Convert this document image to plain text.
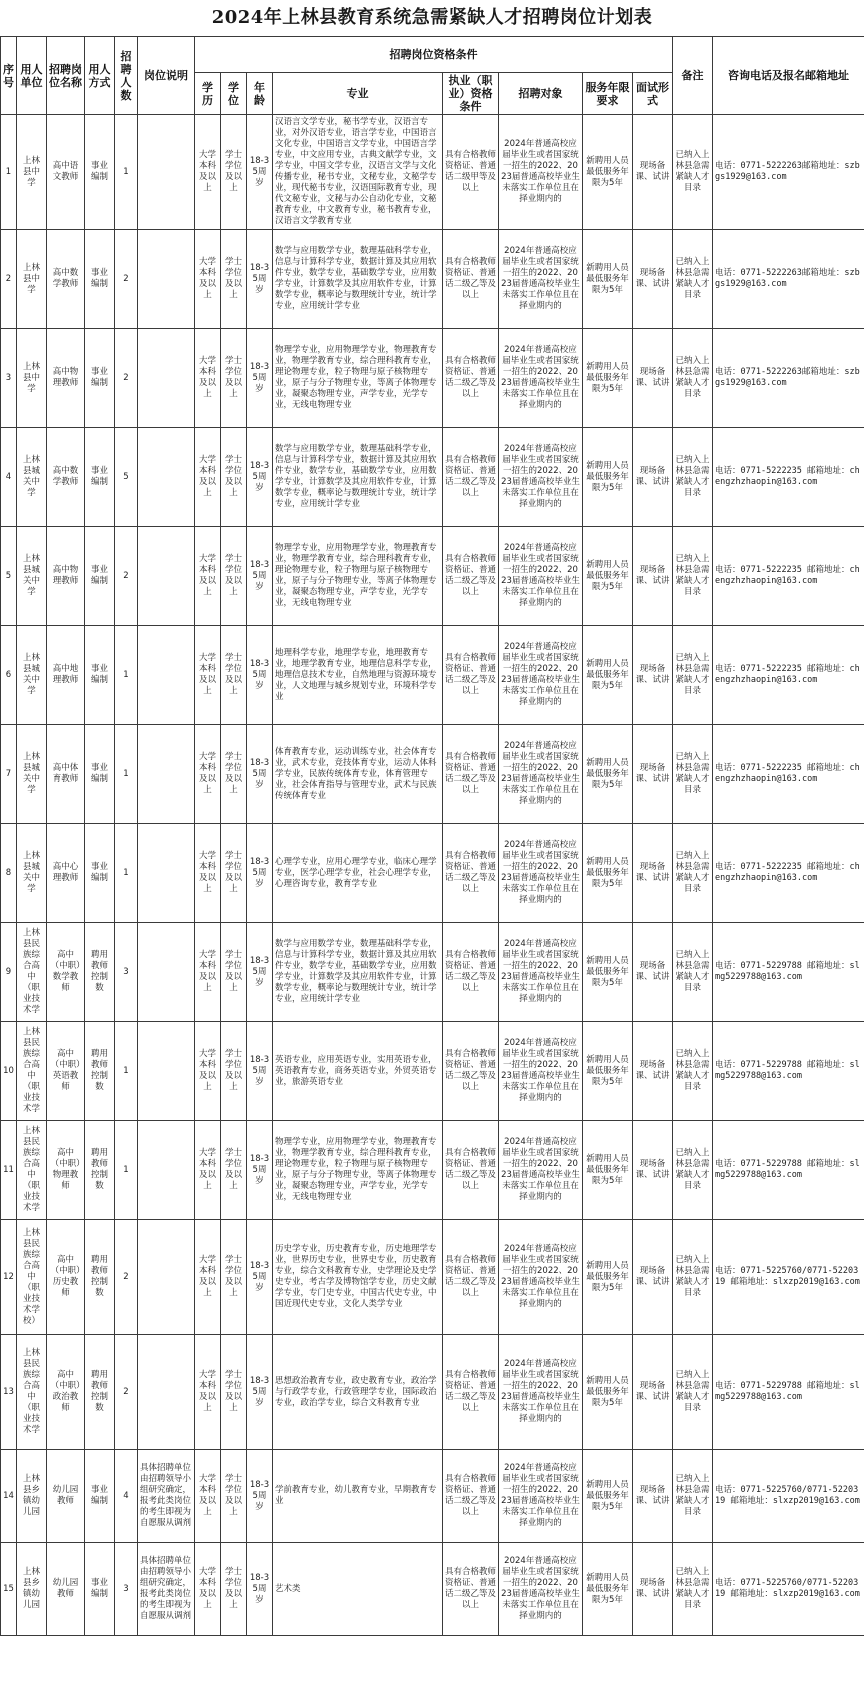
2024年上林县教育系统急需紧缺人才招聘岗位计划表
序号	用人单位	招聘岗位名称	用人方式	招聘人数	岗位说明	招聘岗位资格条件								备注	咨询电话及报名邮箱地址
						学历	学位	年龄	专业	执业（职业）资格条件	招聘对象	服务年限要求	面试形式		
1	上林县中学	高中语文教师	事业编制	1		大学本科及以上	学士学位及以上	18-35周岁	汉语言文学专业，秘书学专业，汉语言专业，对外汉语专业，语言学专业，中国语言文化专业，中国语言文学专业，中国语言学专业，中文应用专业，古典文献学专业，文学专业，中国文学专业，汉语言文学与文化传播专业，秘书专业，文秘专业，文秘学专业，现代秘书专业，汉语国际教育专业，现代文秘专业，文秘与办公自动化专业，文秘教育专业，中文教育专业，秘书教育专业，汉语言文学教育专业	具有合格教师资格证、普通话二级甲等及以上	2024年普通高校应届毕业生或者国家统一招生的2022、2023届普通高校毕业生未落实工作单位且在择业期内的	新聘用人员最低服务年限为5年	现场备课、试讲	已纳入上林县急需紧缺人才目录	电话：0771-5222263邮箱地址：szbgs1929@163.com
2	上林县中学	高中数学教师	事业编制	2		大学本科及以上	学士学位及以上	18-35周岁	数学与应用数学专业，数理基础科学专业，信息与计算科学专业，数据计算及其应用软件专业，数学专业，基础数学专业，应用数学专业，计算数学及其应用软件专业，计算数学专业，概率论与数理统计专业，统计学专业，应用统计学专业	具有合格教师资格证、普通话二级乙等及以上	2024年普通高校应届毕业生或者国家统一招生的2022、2023届普通高校毕业生未落实工作单位且在择业期内的	新聘用人员最低服务年限为5年	现场备课、试讲	已纳入上林县急需紧缺人才目录	电话：0771-5222263邮箱地址：szbgs1929@163.com
3	上林县中学	高中物理教师	事业编制	2		大学本科及以上	学士学位及以上	18-35周岁	物理学专业，应用物理学专业，物理教育专业，物理学教育专业，综合理科教育专业，理论物理专业，粒子物理与原子核物理专业，原子与分子物理专业，等离子体物理专业，凝聚态物理专业，声学专业，光学专业，无线电物理专业	具有合格教师资格证、普通话二级乙等及以上	2024年普通高校应届毕业生或者国家统一招生的2022、2023届普通高校毕业生未落实工作单位且在择业期内的	新聘用人员最低服务年限为5年	现场备课、试讲	已纳入上林县急需紧缺人才目录	电话：0771-5222263邮箱地址：szbgs1929@163.com
4	上林县城关中学	高中数学教师	事业编制	5		大学本科及以上	学士学位及以上	18-35周岁	数学与应用数学专业，数理基础科学专业，信息与计算科学专业，数据计算及其应用软件专业，数学专业，基础数学专业，应用数学专业，计算数学及其应用软件专业，计算数学专业，概率论与数理统计专业，统计学专业，应用统计学专业	具有合格教师资格证、普通话二级乙等及以上	2024年普通高校应届毕业生或者国家统一招生的2022、2023届普通高校毕业生未落实工作单位且在择业期内的	新聘用人员最低服务年限为5年	现场备课、试讲	已纳入上林县急需紧缺人才目录	电话：0771-5222235 邮箱地址：chengzhzhaopin@163.com
5	上林县城关中学	高中物理教师	事业编制	2		大学本科及以上	学士学位及以上	18-35周岁	物理学专业，应用物理学专业，物理教育专业，物理学教育专业，综合理科教育专业，理论物理专业，粒子物理与原子核物理专业，原子与分子物理专业，等离子体物理专业，凝聚态物理专业，声学专业，光学专业，无线电物理专业	具有合格教师资格证、普通话二级乙等及以上	2024年普通高校应届毕业生或者国家统一招生的2022、2023届普通高校毕业生未落实工作单位且在择业期内的	新聘用人员最低服务年限为5年	现场备课、试讲	已纳入上林县急需紧缺人才目录	电话：0771-5222235 邮箱地址：chengzhzhaopin@163.com
6	上林县城关中学	高中地理教师	事业编制	1		大学本科及以上	学士学位及以上	18-35周岁	地理科学专业，地理学专业，地理教育专业，地理学教育专业，地理信息科学专业，地理信息技术专业，自然地理与资源环境专业，人文地理与城乡规划专业，环境科学专业	具有合格教师资格证、普通话二级乙等及以上	2024年普通高校应届毕业生或者国家统一招生的2022、2023届普通高校毕业生未落实工作单位且在择业期内的	新聘用人员最低服务年限为5年	现场备课、试讲	已纳入上林县急需紧缺人才目录	电话：0771-5222235 邮箱地址：chengzhzhaopin@163.com
7	上林县城关中学	高中体育教师	事业编制	1		大学本科及以上	学士学位及以上	18-35周岁	体育教育专业，运动训练专业，社会体育专业，武术专业，竞技体育专业，运动人体科学专业，民族传统体育专业，体育管理专业，社会体育指导与管理专业，武术与民族传统体育专业	具有合格教师资格证、普通话二级乙等及以上	2024年普通高校应届毕业生或者国家统一招生的2022、2023届普通高校毕业生未落实工作单位且在择业期内的	新聘用人员最低服务年限为5年	现场备课、试讲	已纳入上林县急需紧缺人才目录	电话：0771-5222235 邮箱地址：chengzhzhaopin@163.com
8	上林县城关中学	高中心理教师	事业编制	1		大学本科及以上	学士学位及以上	18-35周岁	心理学专业，应用心理学专业，临床心理学专业，医学心理学专业，社会心理学专业，心理咨询专业，教育学专业	具有合格教师资格证、普通话二级乙等及以上	2024年普通高校应届毕业生或者国家统一招生的2022、2023届普通高校毕业生未落实工作单位且在择业期内的	新聘用人员最低服务年限为5年	现场备课、试讲	已纳入上林县急需紧缺人才目录	电话：0771-5222235 邮箱地址：chengzhzhaopin@163.com
9	上林县民族综合高中（职业技术学	高中（中职）数学教师	聘用教师控制数	3		大学本科及以上	学士学位及以上	18-35周岁	数学与应用数学专业，数理基础科学专业，信息与计算科学专业，数据计算及其应用软件专业，数学专业，基础数学专业，应用数学专业，计算数学及其应用软件专业，计算数学专业，概率论与数理统计专业，统计学专业，应用统计学专业	具有合格教师资格证、普通话二级乙等及以上	2024年普通高校应届毕业生或者国家统一招生的2022、2023届普通高校毕业生未落实工作单位且在择业期内的	新聘用人员最低服务年限为5年	现场备课、试讲	已纳入上林县急需紧缺人才目录	电话：0771-5229788 邮箱地址：slmg5229788@163.com
10	上林县民族综合高中（职业技术学	高中（中职）英语教师	聘用教师控制数	1		大学本科及以上	学士学位及以上	18-35周岁	英语专业，应用英语专业，实用英语专业，英语教育专业，商务英语专业，外贸英语专业，旅游英语专业	具有合格教师资格证、普通话二级乙等及以上	2024年普通高校应届毕业生或者国家统一招生的2022、2023届普通高校毕业生未落实工作单位且在择业期内的	新聘用人员最低服务年限为5年	现场备课、试讲	已纳入上林县急需紧缺人才目录	电话：0771-5229788 邮箱地址：slmg5229788@163.com
11	上林县民族综合高中（职业技术学	高中（中职）物理教师	聘用教师控制数	1		大学本科及以上	学士学位及以上	18-35周岁	物理学专业，应用物理学专业，物理教育专业，物理学教育专业，综合理科教育专业，理论物理专业，粒子物理与原子核物理专业，原子与分子物理专业，等离子体物理专业，凝聚态物理专业，声学专业，光学专业，无线电物理专业	具有合格教师资格证、普通话二级乙等及以上	2024年普通高校应届毕业生或者国家统一招生的2022、2023届普通高校毕业生未落实工作单位且在择业期内的	新聘用人员最低服务年限为5年	现场备课、试讲	已纳入上林县急需紧缺人才目录	电话：0771-5229788 邮箱地址：slmg5229788@163.com
12	上林县民族综合高中（职业技术学校）	高中（中职）历史教师	聘用教师控制数	2		大学本科及以上	学士学位及以上	18-35周岁	历史学专业，历史教育专业，历史地理学专业，世界历史专业，世界史专业，历史教育专业，综合文科教育专业，史学理论及史学史专业，考古学及博物馆学专业，历史文献学专业，专门史专业，中国古代史专业，中国近现代史专业，文化人类学专业	具有合格教师资格证、普通话二级乙等及以上	2024年普通高校应届毕业生或者国家统一招生的2022、2023届普通高校毕业生未落实工作单位且在择业期内的	新聘用人员最低服务年限为5年	现场备课、试讲	已纳入上林县急需紧缺人才目录	电话：0771-5225760/0771-5220319 邮箱地址：slxzp2019@163.com
13	上林县民族综合高中（职业技术学	高中（中职）政治教师	聘用教师控制数	2		大学本科及以上	学士学位及以上	18-35周岁	思想政治教育专业，政史教育专业，政治学与行政学专业，行政管理学专业，国际政治专业，政治学专业，综合文科教育专业	具有合格教师资格证、普通话二级乙等及以上	2024年普通高校应届毕业生或者国家统一招生的2022、2023届普通高校毕业生未落实工作单位且在择业期内的	新聘用人员最低服务年限为5年	现场备课、试讲	已纳入上林县急需紧缺人才目录	电话：0771-5229788 邮箱地址：slmg5229788@163.com
14	上林县乡镇幼儿园	幼儿园教师	事业编制	4	具体招聘单位由招聘领导小组研究确定，报考此类岗位的考生即视为自愿服从调剂	大学本科及以上	学士学位及以上	18-35周岁	学前教育专业，幼儿教育专业，早期教育专业	具有合格教师资格证、普通话二级乙等及以上	2024年普通高校应届毕业生或者国家统一招生的2022、2023届普通高校毕业生未落实工作单位且在择业期内的	新聘用人员最低服务年限为5年	现场备课、试讲	已纳入上林县急需紧缺人才目录	电话：0771-5225760/0771-5220319 邮箱地址：slxzp2019@163.com
15	上林县乡镇幼儿园	幼儿园教师	事业编制	3	具体招聘单位由招聘领导小组研究确定，报考此类岗位的考生即视为自愿服从调剂	大学本科及以上	学士学位及以上	18-35周岁	艺术类	具有合格教师资格证、普通话二级乙等及以上	2024年普通高校应届毕业生或者国家统一招生的2022、2023届普通高校毕业生未落实工作单位且在择业期内的	新聘用人员最低服务年限为5年	现场备课、试讲	已纳入上林县急需紧缺人才目录	电话：0771-5225760/0771-5220319 邮箱地址：slxzp2019@163.com
